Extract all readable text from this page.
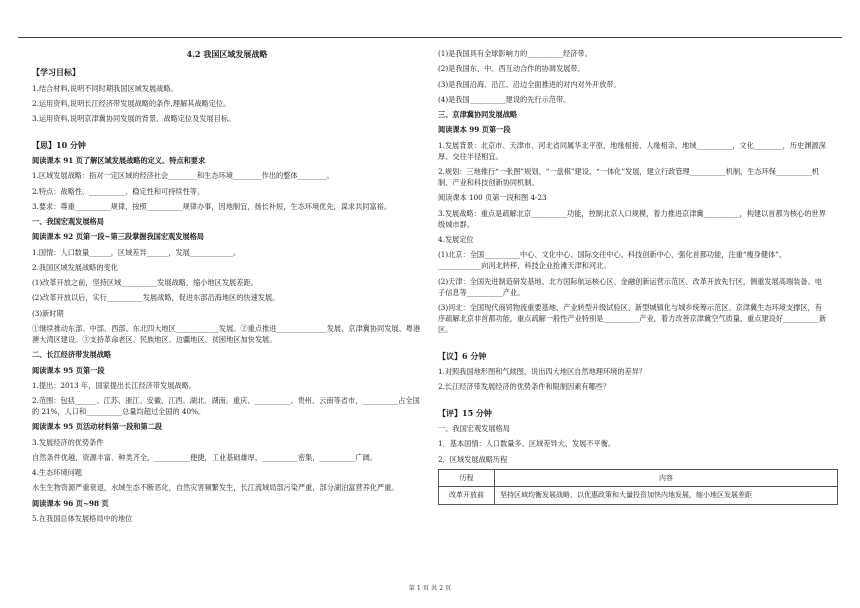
4.2 我国区域发展战略
【学习目标】
1.结合材料,说明不同时期我国区域发展战略。
2.运用资料,说明长江经济带发展战略的条件,理解其战略定位。
3.运用资料,说明京津冀协同发展的背景、战略定位及发展目标。
【思】10 分钟
阅读课本 91 页了解区域发展战略的定义、特点和要求
1.区域发展战略：指对一定区域的经济社会________和生态环境________作出的整体________。
2.特点：战略性、__________、稳定性和可持续性等。
3.要求：尊重__________规律，按照__________规律办事，因地制宜，扬长补短，生态环境优先，谋求共同富裕。
一、我国宏观发展格局
阅读课本 92 页第一段~第三段掌握我国宏观发展格局
1.国情：人口数量______，区域差异______，发展____________。
2.我国区域发展战略的变化
(1)改革开放之前，坚持区域__________发展战略，缩小地区发展差距。
(2)改革开放以后，实行__________发展战略，促进东部沿海地区的快速发展。
(3)新时期
①继续推动东部、中部、西部、东北四大地区____________发展。②重点推进______________发展、京津冀协同发展、粤港澳大湾区建设。③支持革命老区、民族地区、边疆地区、贫困地区加快发展。
二、长江经济带发展战略
阅读课本 95 页第一段
1.提出：2013 年，国家提出长江经济带发展战略。
2.范围：包括______、江苏、浙江、安徽、江西、湖北、湖南、重庆、__________、贵州、云南等省市，__________占全国的 21%，人口和__________总量均超过全国的 40%。
阅读课本 95 页活动材料第一段和第二段
3.发展经济的优势条件
自然条件优越，资源丰富、种类齐全，__________便捷，工业基础雄厚，__________密集，__________广阔。
4.生态环境问题
水生生物资源严重衰退，水域生态不断恶化，自然灾害频繁发生，长江流域局部污染严重，部分湖泊富营养化严重。
阅读课本 96 页~98 页
5.在我国总体发展格局中的地位
(1)是我国具有全球影响力的__________经济带。
(2)是我国东、中、西互动合作的协调发展带。
(3)是我国沿海、沿江、沿边全面推进的对内对外开放带。
(4)是我国__________建设的先行示范带。
三、京津冀协同发展战略
阅读课本 99 页第一段
1.发展背景：北京市、天津市、河北省同属华北平原，地缘相接、人缘相亲，地域__________，文化________，历史渊源深厚、交往半径相宜。
2.规划：三地推行“一张图”规划、“一盘棋”建设、“一体化”发展，建立行政管理__________机制、生态环保__________机制、产业和科技创新协同机制。
阅读课本 100 页第一段和图 4-23
3.发展战略：重点是疏解北京__________功能，控制北京人口规模，着力推进京津冀__________，构建以首都为核心的世界级城市群。
4.发展定位
(1)北京：全国__________中心、文化中心、国际交往中心、科技创新中心，强化首都功能，注重“瘦身健体”，____________向河北转移，科技企业抢滩天津和河北。
(2)天津：全国先进制造研发基地、北方国际航运核心区、金融创新运营示范区、改革开放先行区，侧重发展高端装备、电子信息等__________产业。
(3)河北：全国现代商贸物流重要基地、产业转型升级试验区、新型城镇化与城乡统筹示范区、京津冀生态环境支撑区，有序疏解北京非首都功能，重点疏解一般性产业特别是__________产业，着力改善京津冀空气质量，重点建设好__________新区。
【议】6 分钟
1.对照我国地形图和气候图，说出四大地区自然地理环境的差异？
2.长江经济带发展经济的优势条件和限制因素有哪些？
【评】15 分钟
一、我国宏观发展格局
1．基本国情：人口数量多、区域差异大、发展不平衡。
2．区域发展战略历程
历程	内容
改革开放前	坚持区域均衡发展战略，以优惠政策和大量投资加快内地发展，缩小地区发展差距
第 1 页 共 2 页
